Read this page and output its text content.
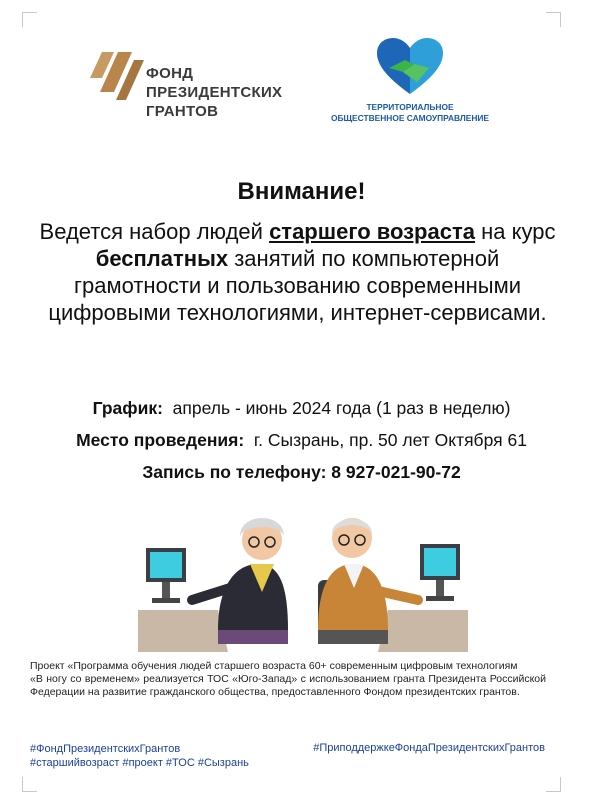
ФОНД
ПРЕЗИДЕНТСКИХ
ГРАНТОВ	ТЕРРИТОРИАЛЬНОЕ
ОБЩЕСТВЕННОЕ САМОУПРАВЛЕНИЕ
Внимание!
Ведется набор людей старшего возраста на курс бесплатных занятий по компьютерной грамотности и пользованию современными цифровыми технологиями, интернет-сервисами.
График: апрель - июнь 2024 года (1 раз в неделю)
Место проведения: г. Сызрань, пр. 50 лет Октября 61
Запись по телефону: 8 927-021-90-72
Проект «Программа обучения людей старшего возраста 60+ современным цифровым технологиям
«В ногу со временем» реализуется ТОС «Юго-Запад» с использованием гранта Президента Российской Федерации на развитие гражданского общества, предоставленного Фондом президентских грантов.
#ФондПрезидентскихГрантов
#старшийвозраст #проект #ТОС #Сызрань
#ПриподдержкеФондаПрезидентскихГрантов
